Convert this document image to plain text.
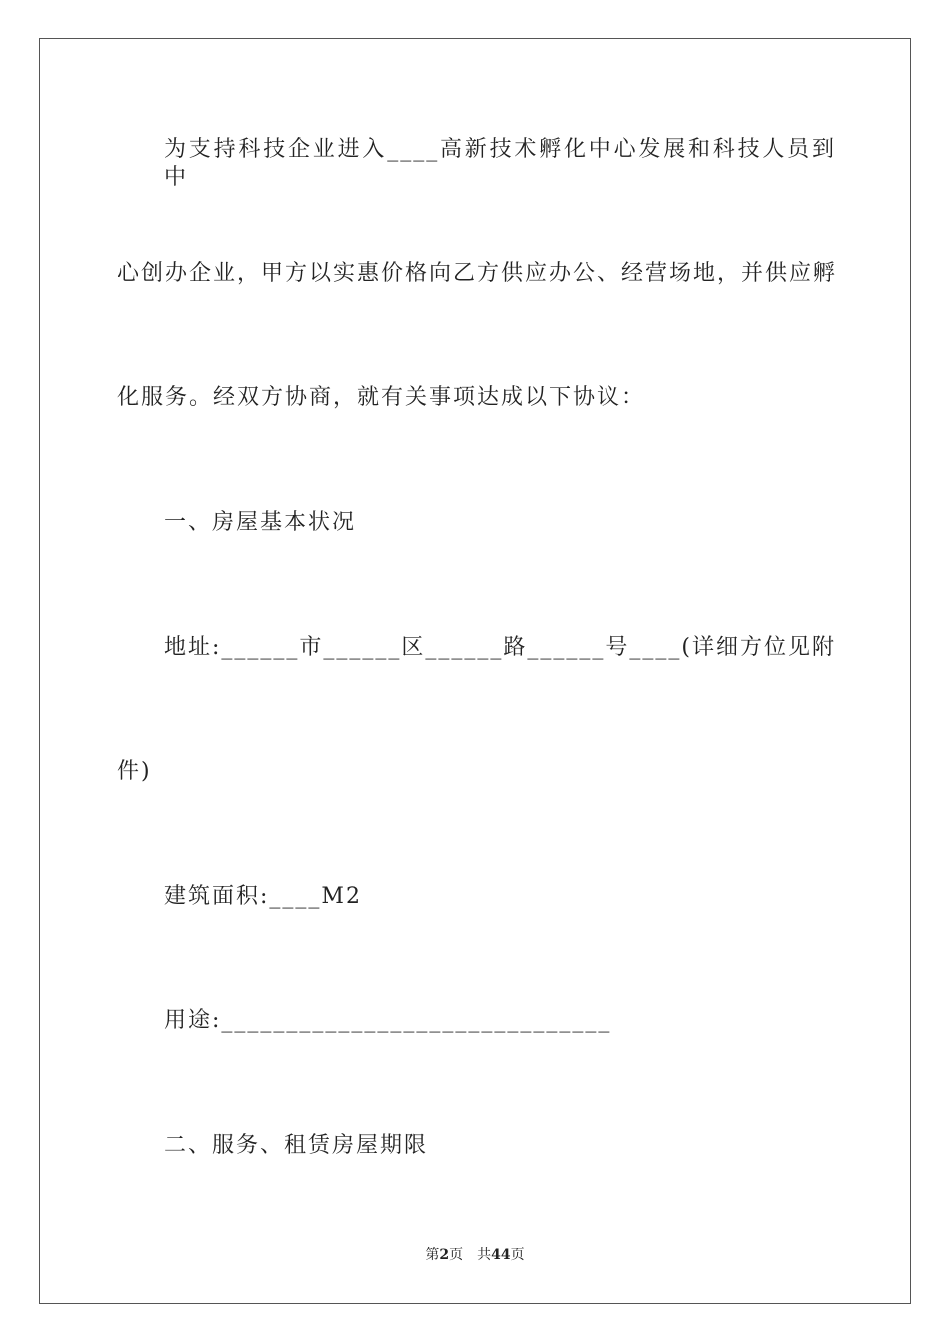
为支持科技企业进入____高新技术孵化中心发展和科技人员到中
心创办企业，甲方以实惠价格向乙方供应办公、经营场地，并供应孵
化服务。经双方协商，就有关事项达成以下协议：
一、房屋基本状况
地址:______市______区______路______号____(详细方位见附
件)
建筑面积:____M2
用途:______________________________
二、服务、租赁房屋期限
第2页 共44页
